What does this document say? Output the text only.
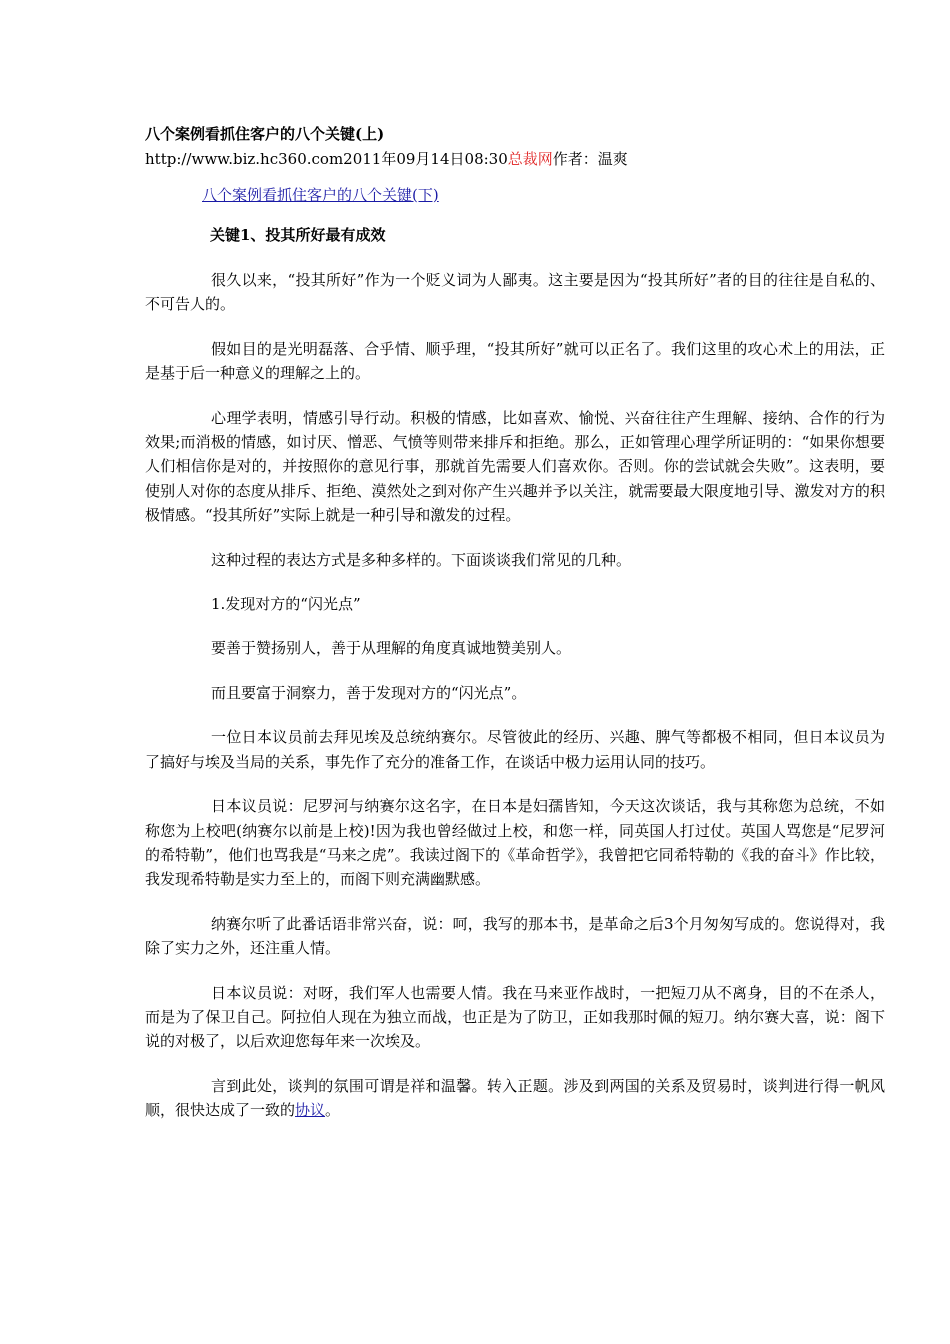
八个案例看抓住客户的八个关键(上)

http://www.biz.hc360.com2011年09月14日08:30总裁网作者：温爽

八个案例看抓住客户的八个关键(下)

关键1、投其所好最有成效

很久以来，“投其所好”作为一个贬义词为人鄙夷。这主要是因为“投其所好”者的目的往往是自私的、不可告人的。

假如目的是光明磊落、合乎情、顺乎理，“投其所好”就可以正名了。我们这里的攻心术上的用法，正是基于后一种意义的理解之上的。

心理学表明，情感引导行动。积极的情感，比如喜欢、愉悦、兴奋往往产生理解、接纳、合作的行为效果;而消极的情感，如讨厌、憎恶、气愤等则带来排斥和拒绝。那么，正如管理心理学所证明的：“如果你想要人们相信你是对的，并按照你的意见行事，那就首先需要人们喜欢你。否则。你的尝试就会失败”。这表明，要使别人对你的态度从排斥、拒绝、漠然处之到对你产生兴趣并予以关注，就需要最大限度地引导、激发对方的积极情感。“投其所好”实际上就是一种引导和激发的过程。

这种过程的表达方式是多种多样的。下面谈谈我们常见的几种。

1.发现对方的“闪光点”

要善于赞扬别人，善于从理解的角度真诚地赞美别人。

而且要富于洞察力，善于发现对方的“闪光点”。

一位日本议员前去拜见埃及总统纳赛尔。尽管彼此的经历、兴趣、脾气等都极不相同，但日本议员为了搞好与埃及当局的关系，事先作了充分的准备工作，在谈话中极力运用认同的技巧。

日本议员说：尼罗河与纳赛尔这名字，在日本是妇孺皆知，今天这次谈话，我与其称您为总统，不如称您为上校吧(纳赛尔以前是上校)!因为我也曾经做过上校，和您一样，同英国人打过仗。英国人骂您是“尼罗河的希特勒”，他们也骂我是“马来之虎”。我读过阁下的《革命哲学》，我曾把它同希特勒的《我的奋斗》作比较，我发现希特勒是实力至上的，而阁下则充满幽默感。

纳赛尔听了此番话语非常兴奋，说：呵，我写的那本书，是革命之后3个月匆匆写成的。您说得对，我除了实力之外，还注重人情。

日本议员说：对呀，我们军人也需要人情。我在马来亚作战时，一把短刀从不离身，目的不在杀人，而是为了保卫自己。阿拉伯人现在为独立而战，也正是为了防卫，正如我那时佩的短刀。纳尔赛大喜，说：阁下说的对极了，以后欢迎您每年来一次埃及。

言到此处，谈判的氛围可谓是祥和温馨。转入正题。涉及到两国的关系及贸易时，谈判进行得一帆风顺，很快达成了一致的协议。
